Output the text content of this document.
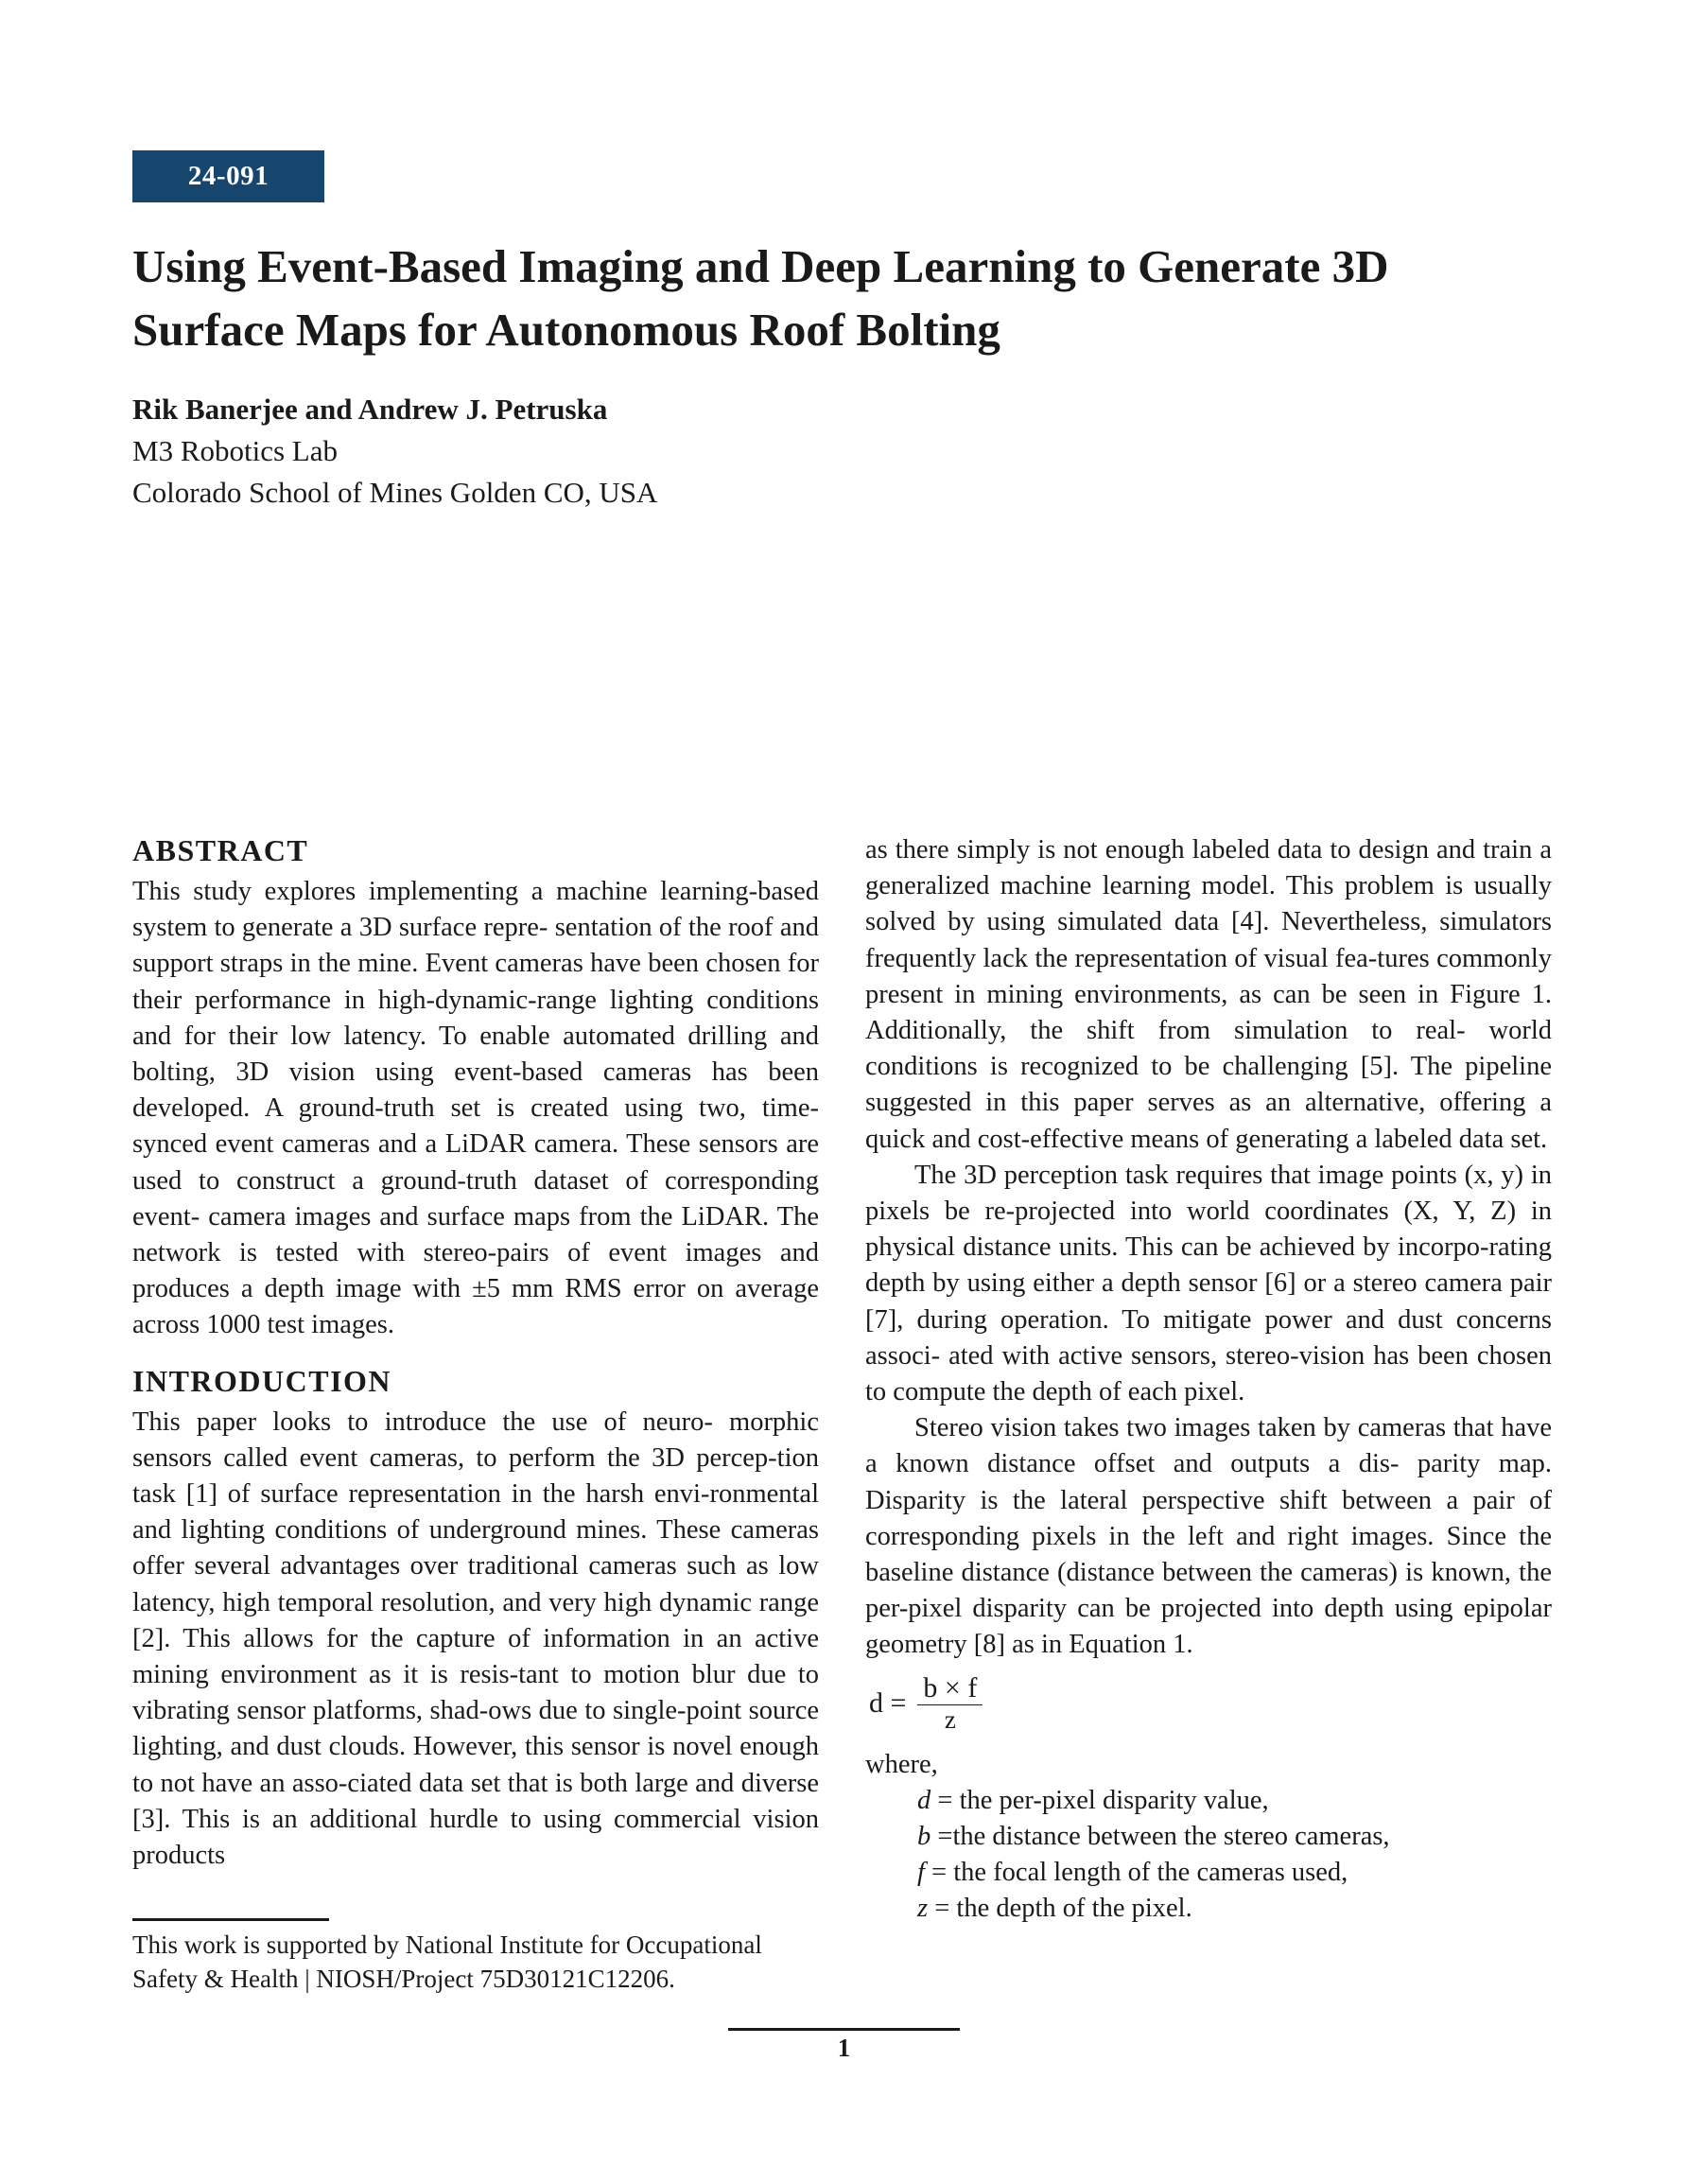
24-091
Using Event-Based Imaging and Deep Learning to Generate 3D Surface Maps for Autonomous Roof Bolting
Rik Banerjee and Andrew J. Petruska
M3 Robotics Lab
Colorado School of Mines Golden CO, USA
ABSTRACT

This study explores implementing a machine learning-based system to generate a 3D surface repre- sentation of the roof and support straps in the mine. Event cameras have been chosen for their performance in high-dynamic-range lighting conditions and for their low latency. To enable automated drilling and bolting, 3D vision using event-based cameras has been developed. A ground-truth set is created using two, time-synced event cameras and a LiDAR camera. These sensors are used to construct a ground-truth dataset of corresponding event- camera images and surface maps from the LiDAR. The network is tested with stereo-pairs of event images and produces a depth image with ±5 mm RMS error on average across 1000 test images.

INTRODUCTION

This paper looks to introduce the use of neuro- morphic sensors called event cameras, to perform the 3D percep-tion task [1] of surface representation in the harsh envi-ronmental and lighting conditions of underground mines. These cameras offer several advantages over traditional cameras such as low latency, high temporal resolution, and very high dynamic range [2]. This allows for the capture of information in an active mining environment as it is resis-tant to motion blur due to vibrating sensor platforms, shad-ows due to single-point source lighting, and dust clouds. However, this sensor is novel enough to not have an asso-ciated data set that is both large and diverse [3]. This is an additional hurdle to using commercial vision products

as there simply is not enough labeled data to design and train a generalized machine learning model. This problem is usually solved by using simulated data [4]. Nevertheless, simulators frequently lack the representation of visual fea-tures commonly present in mining environments, as can be seen in Figure 1. Additionally, the shift from simulation to real- world conditions is recognized to be challenging [5]. The pipeline suggested in this paper serves as an alternative, offering a quick and cost-effective means of generating a labeled data set.

The 3D perception task requires that image points (x, y) in pixels be re-projected into world coordinates (X, Y, Z) in physical distance units. This can be achieved by incorpo-rating depth by using either a depth sensor [6] or a stereo camera pair [7], during operation. To mitigate power and dust concerns associ- ated with active sensors, stereo-vision has been chosen to compute the depth of each pixel.

Stereo vision takes two images taken by cameras that have a known distance offset and outputs a dis- parity map. Disparity is the lateral perspective shift between a pair of corresponding pixels in the left and right images. Since the baseline distance (distance between the cameras) is known, the per-pixel disparity can be projected into depth using epipolar geometry [8] as in Equation 1.

$d = \frac{b \times f}{z}$

where,

d = the per-pixel disparity value,
b =the distance between the stereo cameras,
f = the focal length of the cameras used,
z = the depth of the pixel.
This work is supported by National Institute for Occupational Safety & Health | NIOSH/Project 75D30121C12206.
1
